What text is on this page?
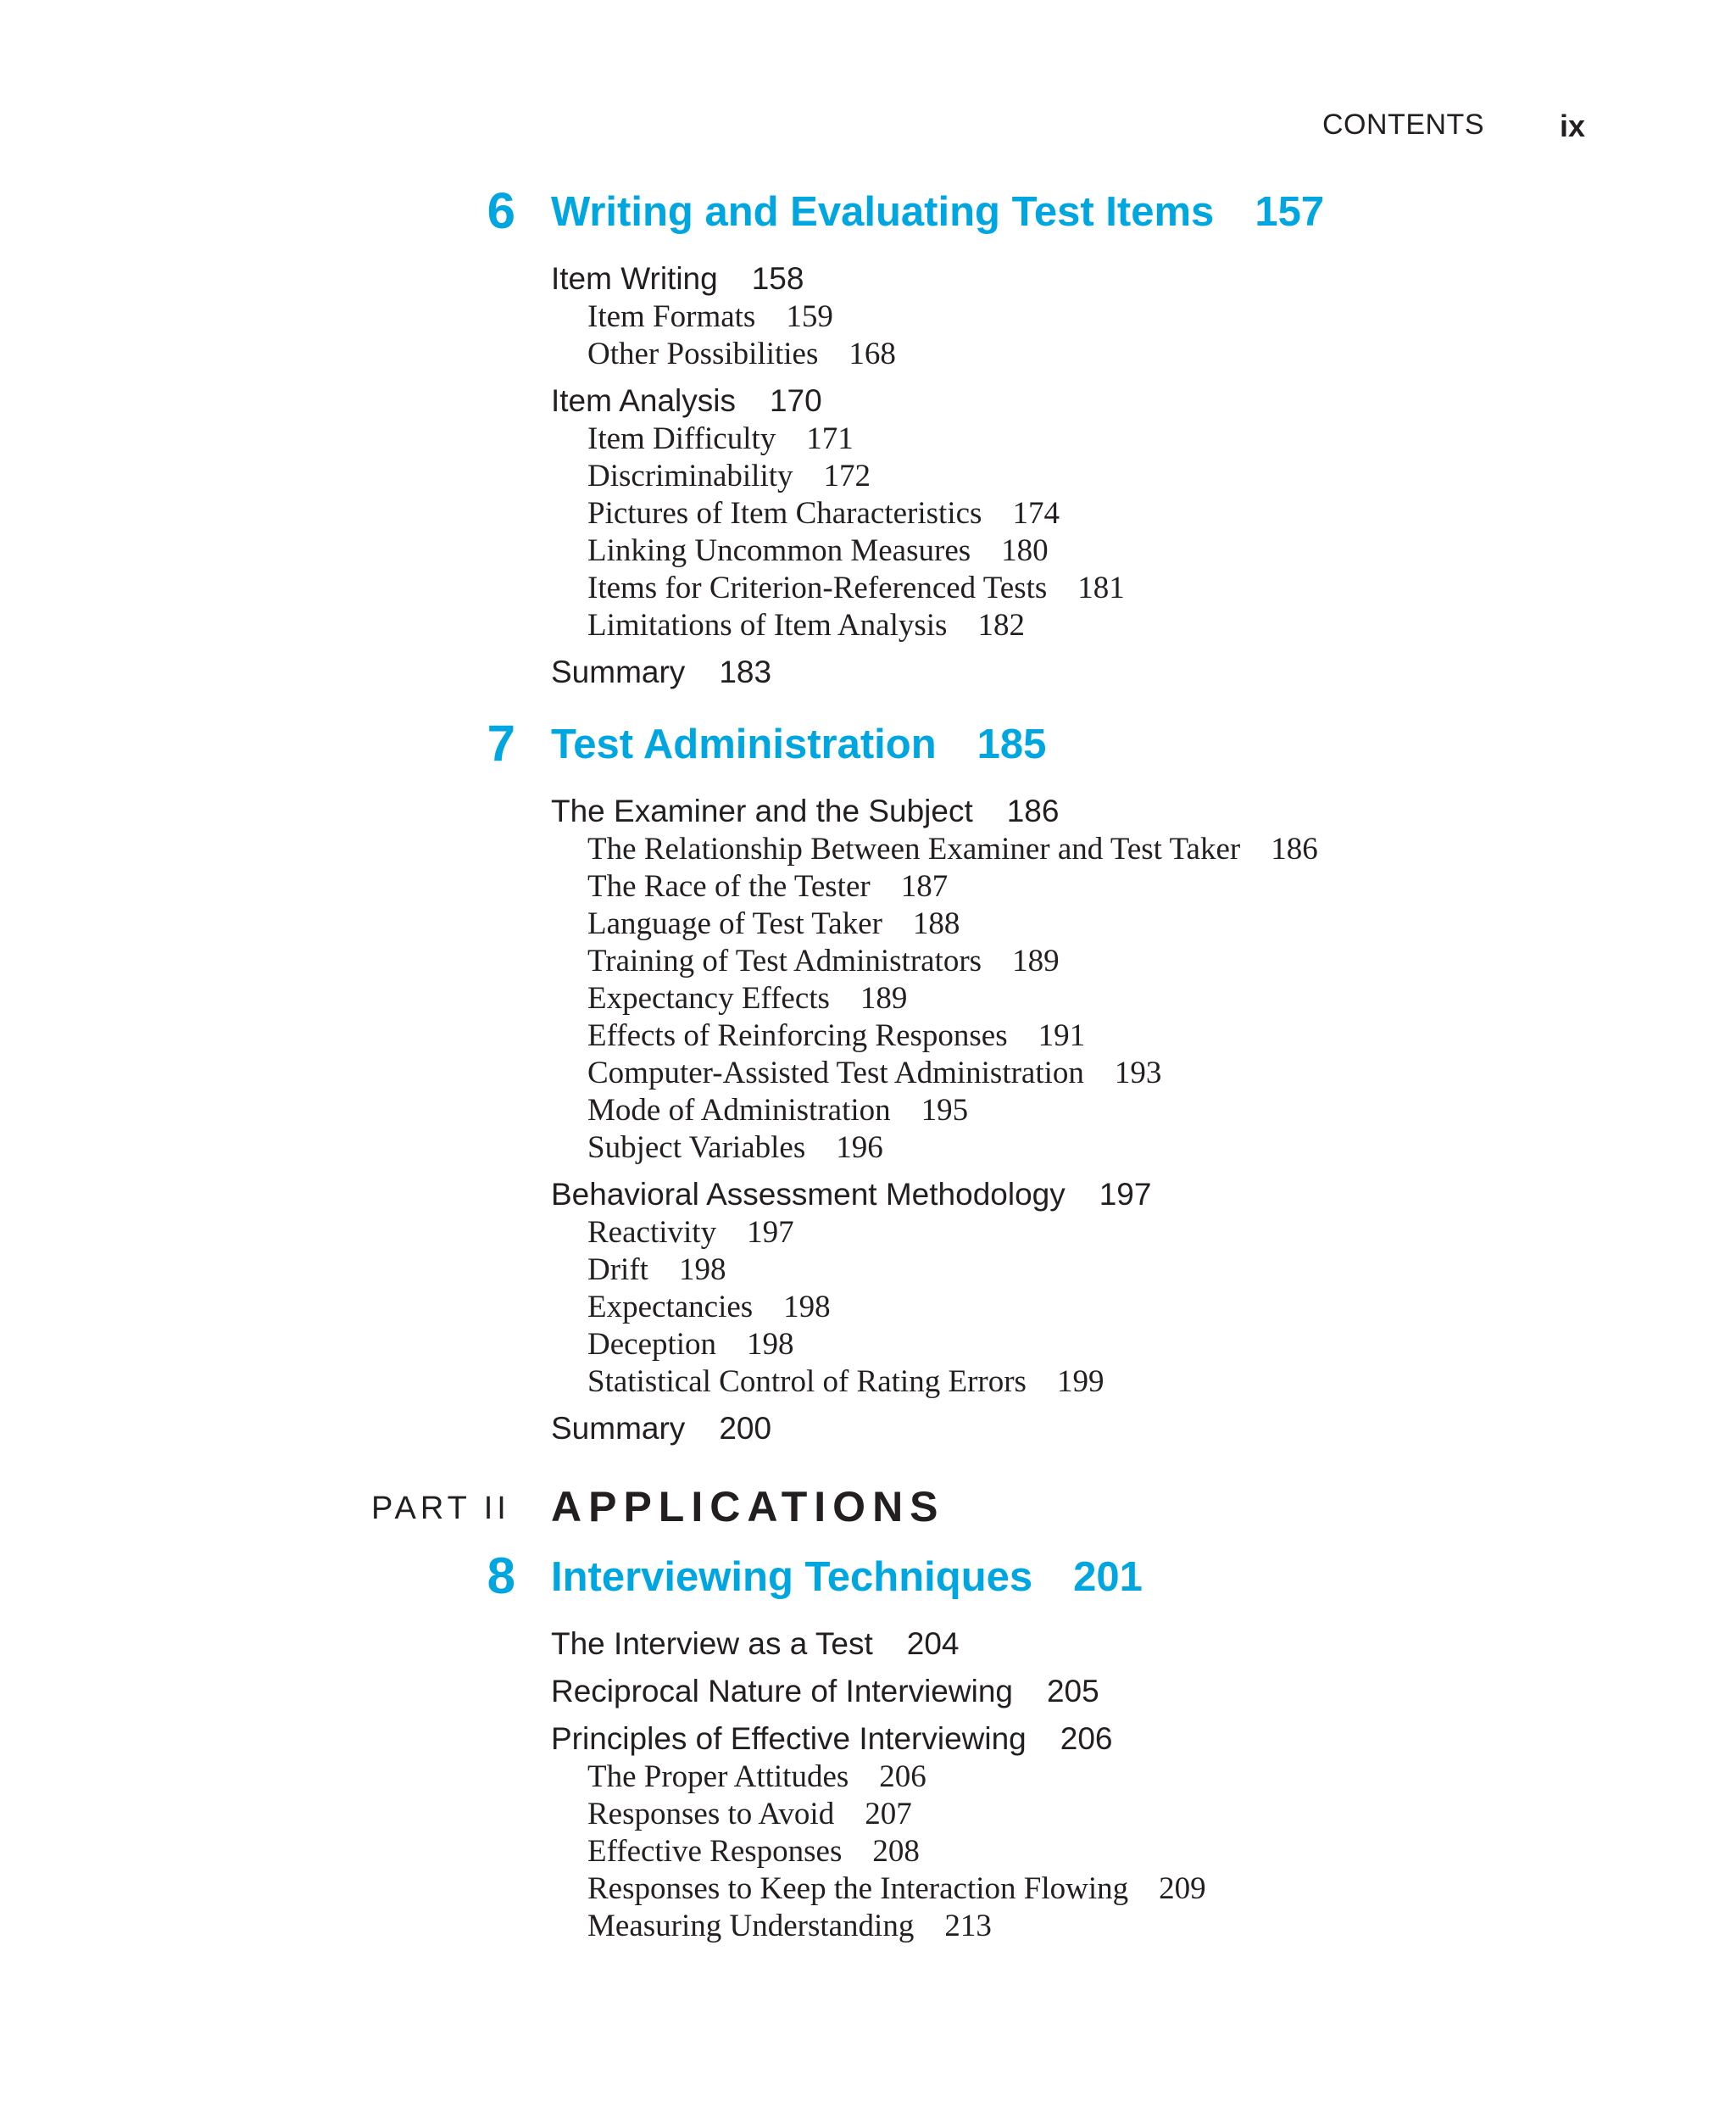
CONTENTS ix
6 Writing and Evaluating Test Items 157
Item Writing 158
Item Formats 159
Other Possibilities 168
Item Analysis 170
Item Difficulty 171
Discriminability 172
Pictures of Item Characteristics 174
Linking Uncommon Measures 180
Items for Criterion-Referenced Tests 181
Limitations of Item Analysis 182
Summary 183
7 Test Administration 185
The Examiner and the Subject 186
The Relationship Between Examiner and Test Taker 186
The Race of the Tester 187
Language of Test Taker 188
Training of Test Administrators 189
Expectancy Effects 189
Effects of Reinforcing Responses 191
Computer-Assisted Test Administration 193
Mode of Administration 195
Subject Variables 196
Behavioral Assessment Methodology 197
Reactivity 197
Drift 198
Expectancies 198
Deception 198
Statistical Control of Rating Errors 199
Summary 200
PART II APPLICATIONS
8 Interviewing Techniques 201
The Interview as a Test 204
Reciprocal Nature of Interviewing 205
Principles of Effective Interviewing 206
The Proper Attitudes 206
Responses to Avoid 207
Effective Responses 208
Responses to Keep the Interaction Flowing 209
Measuring Understanding 213
